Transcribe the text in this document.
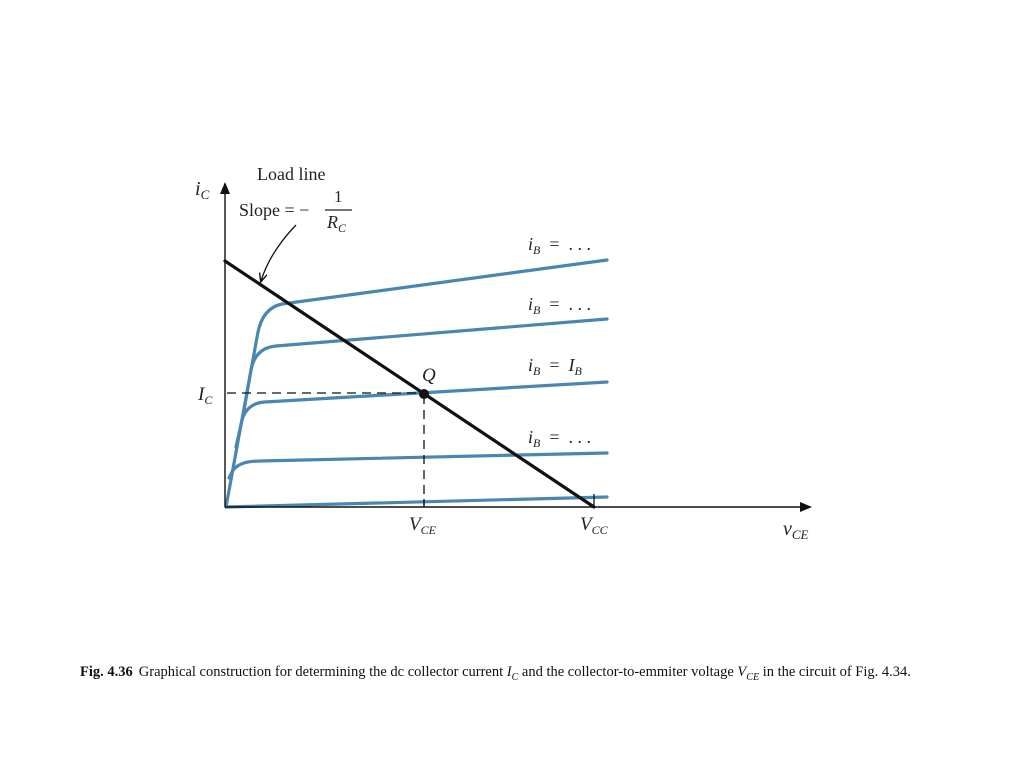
$i_C$
$v_{CE}$
Load line
Slope = −
1
$R_C$
$i_B$  =  . . .
$i_B$  =  . . .
$i_B = I_B$
$i_B$  =  . . .
Q
$I_C$
$V_{CE}$	$V_{CC}$
Fig. 4.36 Graphical construction for determining the dc collector current $I_C$ and the collector-to-emmiter voltage $V_{CE}$ in the circuit of Fig. 4.34.
